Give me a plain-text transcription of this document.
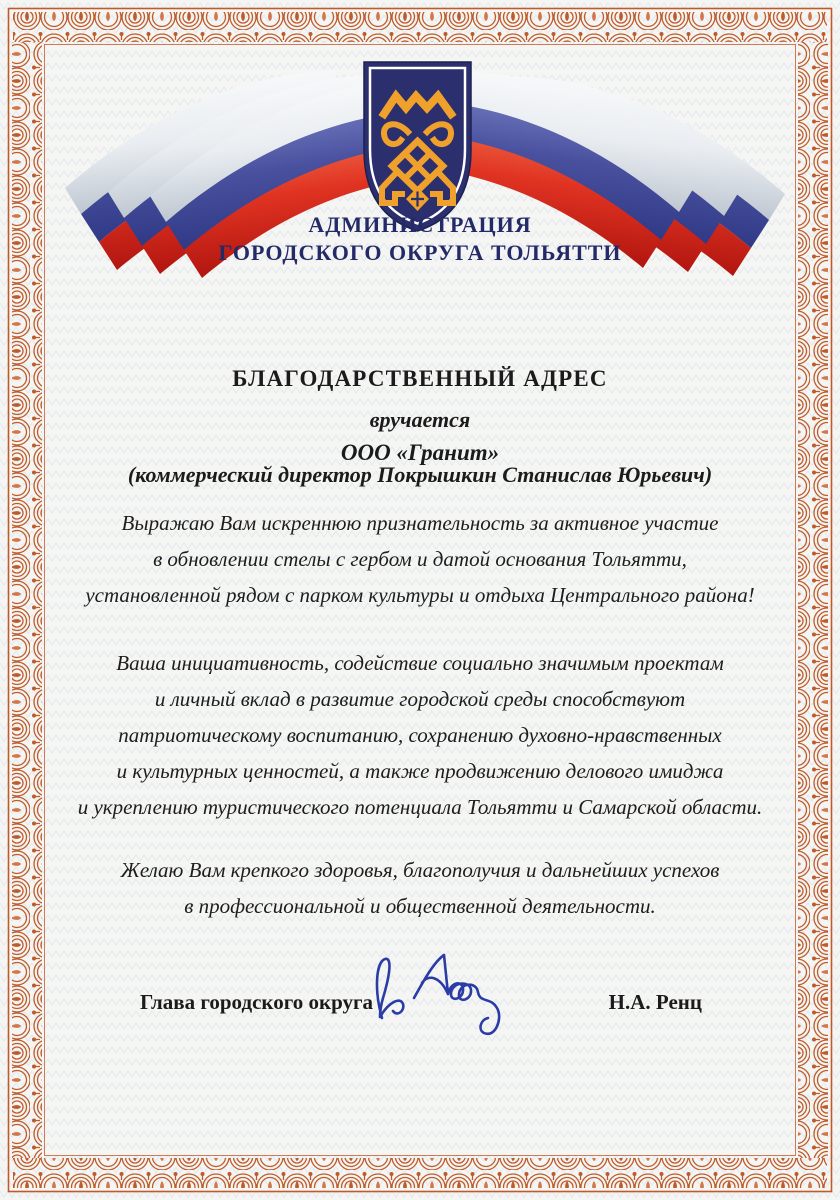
АДМИНИСТРАЦИЯ
ГОРОДСКОГО ОКРУГА ТОЛЬЯТТИ
БЛАГОДАРСТВЕННЫЙ АДРЕС
вручается
ООО «Гранит»
(коммерческий директор Покрышкин Станислав Юрьевич)
Выражаю Вам искреннюю признательность за активное участие
в обновлении стелы с гербом и датой основания Тольятти,
установленной рядом с парком культуры и отдыха Центрального района!
Ваша инициативность, содействие социально значимым проектам
и личный вклад в развитие городской среды способствуют
патриотическому воспитанию, сохранению духовно-нравственных
и культурных ценностей, а также продвижению делового имиджа
и укреплению туристического потенциала Тольятти и Самарской области.
Желаю Вам крепкого здоровья, благополучия и дальнейших успехов
в профессиональной и общественной деятельности.
Глава городского округа	Н.А. Ренц
